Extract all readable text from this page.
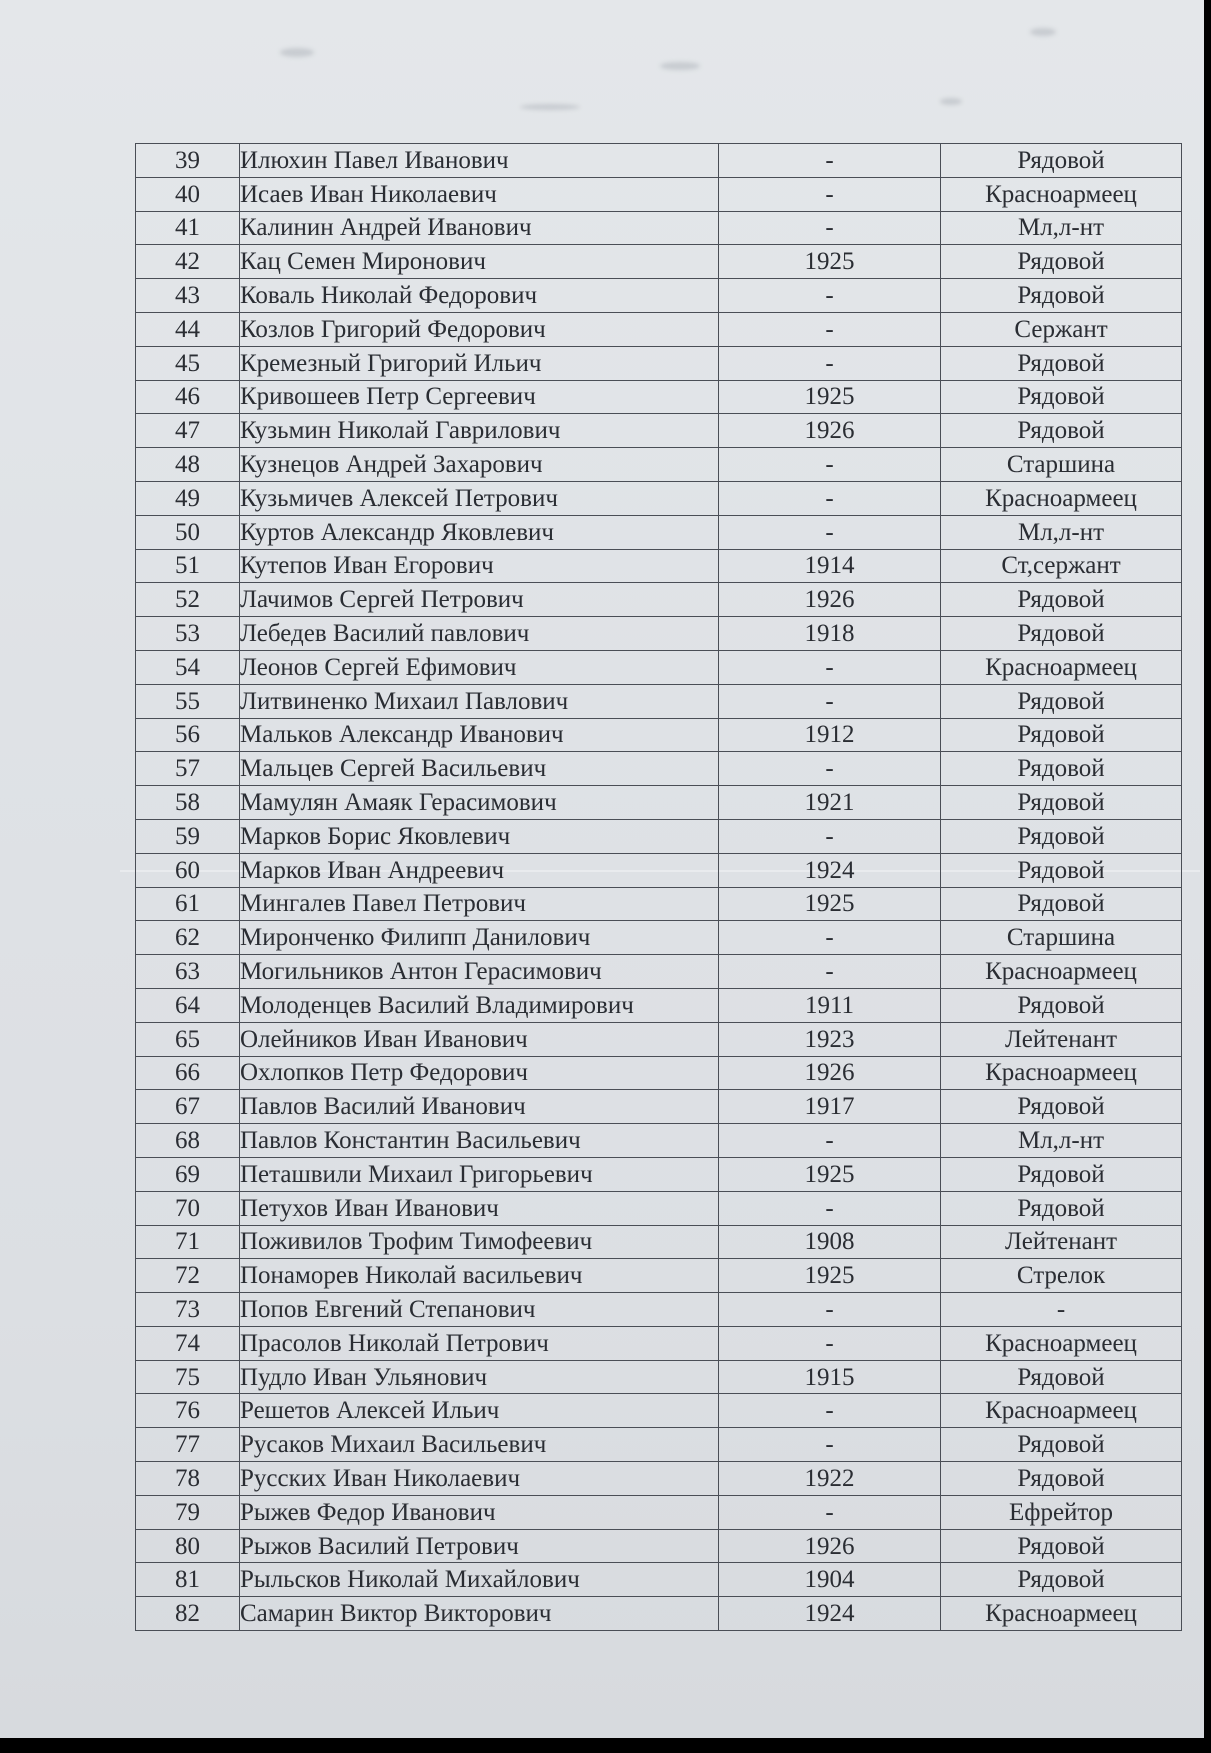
39	Илюхин Павел Иванович	-	Рядовой
40	Исаев Иван Николаевич	-	Красноармеец
41	Калинин Андрей Иванович	-	Мл,л-нт
42	Кац Семен Миронович	1925	Рядовой
43	Коваль Николай Федорович	-	Рядовой
44	Козлов Григорий Федорович	-	Сержант
45	Кремезный Григорий Ильич	-	Рядовой
46	Кривошеев Петр Сергеевич	1925	Рядовой
47	Кузьмин Николай Гаврилович	1926	Рядовой
48	Кузнецов Андрей Захарович	-	Старшина
49	Кузьмичев Алексей Петрович	-	Красноармеец
50	Куртов Александр Яковлевич	-	Мл,л-нт
51	Кутепов Иван Егорович	1914	Ст,сержант
52	Лачимов Сергей Петрович	1926	Рядовой
53	Лебедев Василий павлович	1918	Рядовой
54	Леонов Сергей Ефимович	-	Красноармеец
55	Литвиненко Михаил Павлович	-	Рядовой
56	Мальков Александр Иванович	1912	Рядовой
57	Мальцев Сергей Васильевич	-	Рядовой
58	Мамулян Амаяк Герасимович	1921	Рядовой
59	Марков Борис Яковлевич	-	Рядовой
60	Марков Иван Андреевич	1924	Рядовой
61	Мингалев Павел Петрович	1925	Рядовой
62	Миронченко Филипп Данилович	-	Старшина
63	Могильников Антон Герасимович	-	Красноармеец
64	Молоденцев Василий Владимирович	1911	Рядовой
65	Олейников Иван Иванович	1923	Лейтенант
66	Охлопков Петр Федорович	1926	Красноармеец
67	Павлов Василий Иванович	1917	Рядовой
68	Павлов Константин Васильевич	-	Мл,л-нт
69	Петашвили Михаил Григорьевич	1925	Рядовой
70	Петухов Иван Иванович	-	Рядовой
71	Поживилов Трофим Тимофеевич	1908	Лейтенант
72	Понаморев Николай васильевич	1925	Стрелок
73	Попов Евгений Степанович	-	-
74	Прасолов Николай Петрович	-	Красноармеец
75	Пудло Иван Ульянович	1915	Рядовой
76	Решетов Алексей Ильич	-	Красноармеец
77	Русаков Михаил Васильевич	-	Рядовой
78	Русских Иван Николаевич	1922	Рядовой
79	Рыжев Федор Иванович	-	Ефрейтор
80	Рыжов Василий Петрович	1926	Рядовой
81	Рыльсков Николай Михайлович	1904	Рядовой
82	Самарин Виктор Викторович	1924	Красноармеец
